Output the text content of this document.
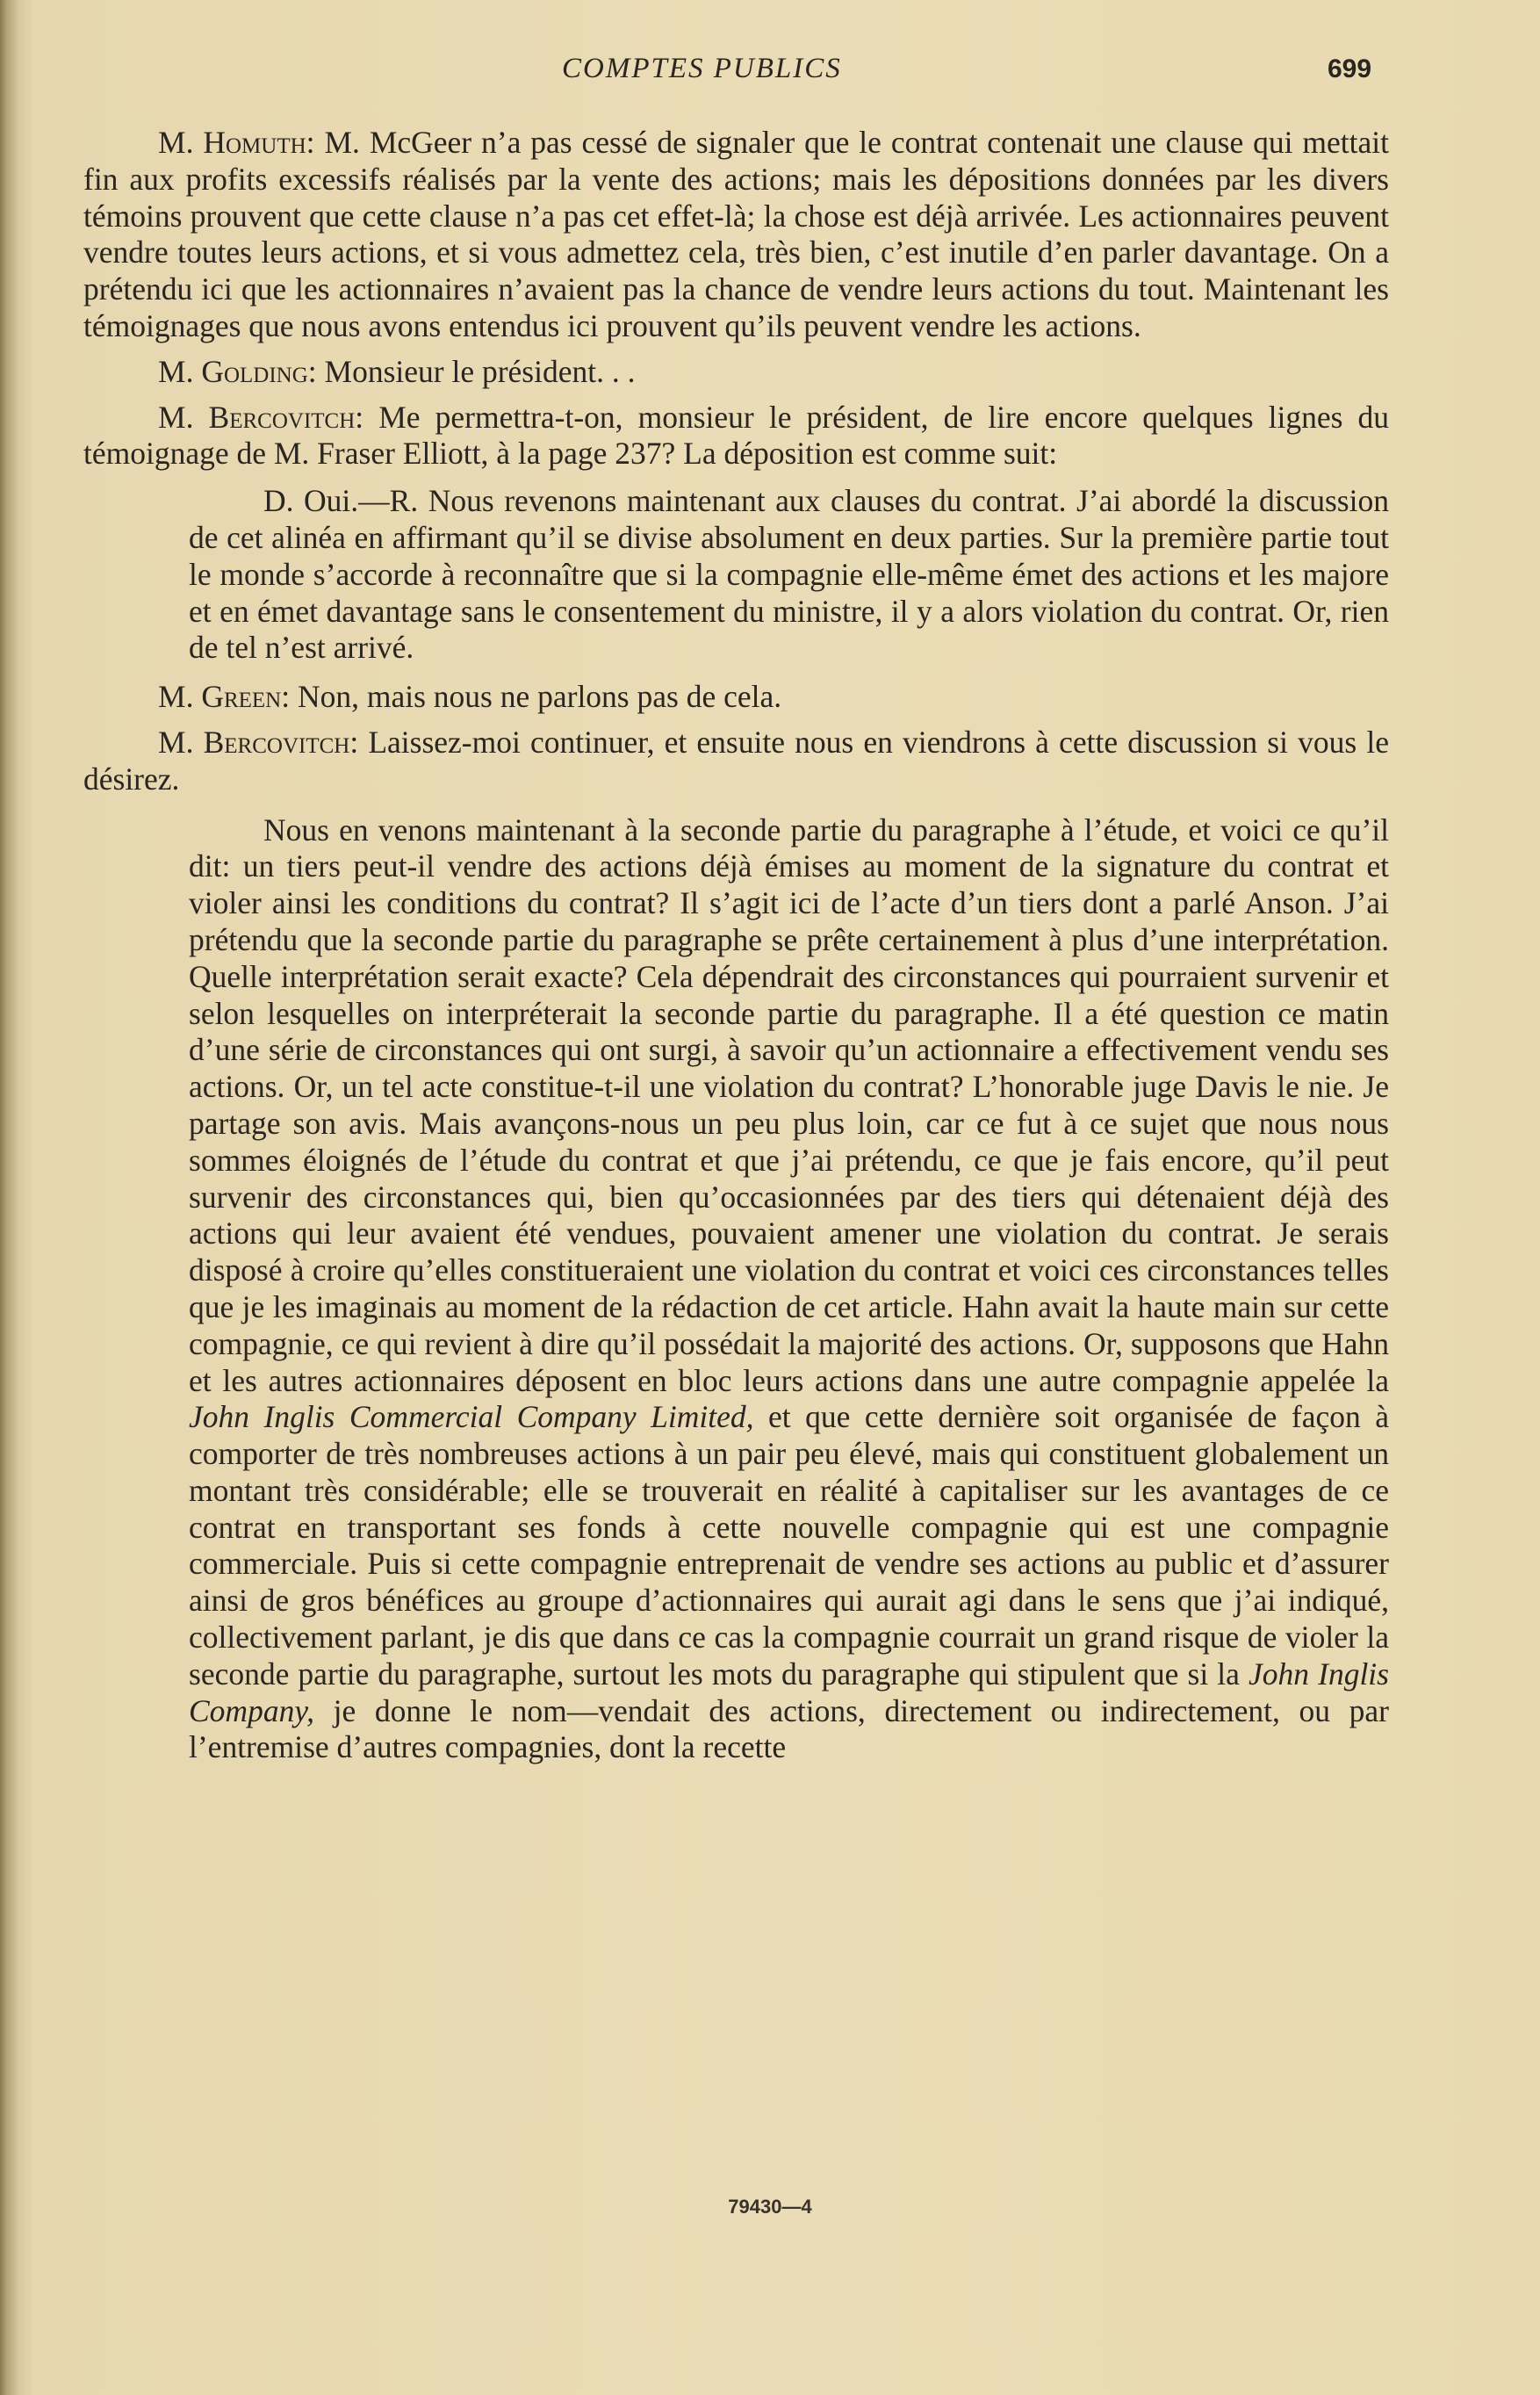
COMPTES PUBLICS	699

M. Homuth: M. McGeer n’a pas cessé de signaler que le contrat contenait une clause qui mettait fin aux profits excessifs réalisés par la vente des actions; mais les dépositions données par les divers témoins prouvent que cette clause n’a pas cet effet-là; la chose est déjà arrivée. Les actionnaires peuvent vendre toutes leurs actions, et si vous admettez cela, très bien, c’est inutile d’en parler davantage. On a prétendu ici que les actionnaires n’avaient pas la chance de vendre leurs actions du tout. Maintenant les témoignages que nous avons entendus ici prouvent qu’ils peuvent vendre les actions.

M. Golding: Monsieur le président. . .

M. Bercovitch: Me permettra-t-on, monsieur le président, de lire encore quelques lignes du témoignage de M. Fraser Elliott, à la page 237? La déposition est comme suit:

D. Oui.—R. Nous revenons maintenant aux clauses du contrat. J’ai abordé la discussion de cet alinéa en affirmant qu’il se divise absolument en deux parties. Sur la première partie tout le monde s’accorde à reconnaître que si la compagnie elle-même émet des actions et les majore et en émet davantage sans le consentement du ministre, il y a alors violation du contrat. Or, rien de tel n’est arrivé.

M. Green: Non, mais nous ne parlons pas de cela.

M. Bercovitch: Laissez-moi continuer, et ensuite nous en viendrons à cette discussion si vous le désirez.

Nous en venons maintenant à la seconde partie du paragraphe à l’étude, et voici ce qu’il dit: un tiers peut-il vendre des actions déjà émises au moment de la signature du contrat et violer ainsi les conditions du contrat? Il s’agit ici de l’acte d’un tiers dont a parlé Anson. J’ai prétendu que la seconde partie du paragraphe se prête certainement à plus d’une interprétation. Quelle interprétation serait exacte? Cela dépendrait des circonstances qui pourraient survenir et selon lesquelles on interpréterait la seconde partie du paragraphe. Il a été question ce matin d’une série de circonstances qui ont surgi, à savoir qu’un actionnaire a effectivement vendu ses actions. Or, un tel acte constitue-t-il une violation du contrat? L’honorable juge Davis le nie. Je partage son avis. Mais avançons-nous un peu plus loin, car ce fut à ce sujet que nous nous sommes éloignés de l’étude du contrat et que j’ai prétendu, ce que je fais encore, qu’il peut survenir des circonstances qui, bien qu’occasionnées par des tiers qui détenaient déjà des actions qui leur avaient été vendues, pouvaient amener une violation du contrat. Je serais disposé à croire qu’elles constitueraient une violation du contrat et voici ces circonstances telles que je les imaginais au moment de la rédaction de cet article. Hahn avait la haute main sur cette compagnie, ce qui revient à dire qu’il possédait la majorité des actions. Or, supposons que Hahn et les autres actionnaires déposent en bloc leurs actions dans une autre compagnie appelée la John Inglis Commercial Company Limited, et que cette dernière soit organisée de façon à comporter de très nombreuses actions à un pair peu élevé, mais qui constituent globalement un montant très considérable; elle se trouverait en réalité à capitaliser sur les avantages de ce contrat en transportant ses fonds à cette nouvelle compagnie qui est une compagnie commerciale. Puis si cette compagnie entreprenait de vendre ses actions au public et d’assurer ainsi de gros bénéfices au groupe d’actionnaires qui aurait agi dans le sens que j’ai indiqué, collectivement parlant, je dis que dans ce cas la compagnie courrait un grand risque de violer la seconde partie du paragraphe, surtout les mots du paragraphe qui stipulent que si la John Inglis Company, je donne le nom—vendait des actions, directement ou indirectement, ou par l’entremise d’autres compagnies, dont la recette

79430—4
